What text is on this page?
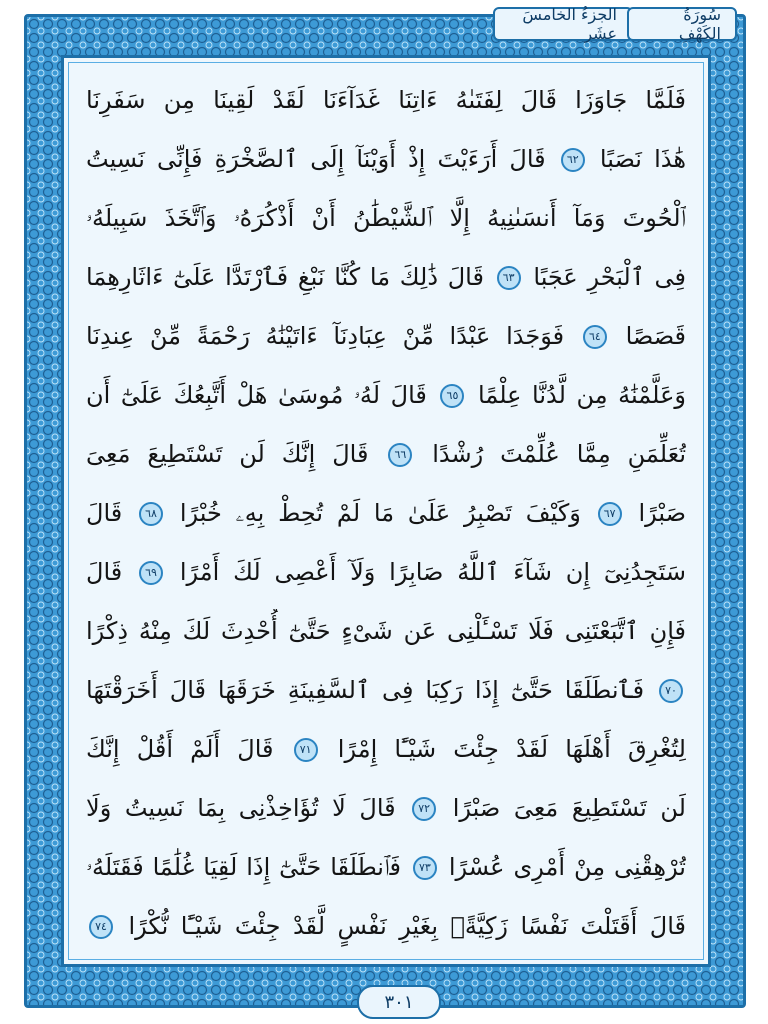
الجزءُ الخامسَ عشَر
سُورَةُ الكَهْفِ
فَلَمَّا جَاوَزَا قَالَ لِفَتَىٰهُ ءَاتِنَا غَدَآءَنَا لَقَدْ لَقِينَا مِن سَفَرِنَا
هَٰذَا نَصَبًا ٦٢ قَالَ أَرَءَيْتَ إِذْ أَوَيْنَآ إِلَى ٱلصَّخْرَةِ فَإِنِّى نَسِيتُ
ٱلْحُوتَ وَمَآ أَنسَىٰنِيهُ إِلَّا ٱلشَّيْطَٰنُ أَنْ أَذْكُرَهُۥ وَٱتَّخَذَ سَبِيلَهُۥ
فِى ٱلْبَحْرِ عَجَبًا ٦٣ قَالَ ذَٰلِكَ مَا كُنَّا نَبْغِ فَٱرْتَدَّا عَلَىٰٓ ءَاثَارِهِمَا
قَصَصًا ٦٤ فَوَجَدَا عَبْدًا مِّنْ عِبَادِنَآ ءَاتَيْنَٰهُ رَحْمَةً مِّنْ عِندِنَا
وَعَلَّمْنَٰهُ مِن لَّدُنَّا عِلْمًا ٦٥ قَالَ لَهُۥ مُوسَىٰ هَلْ أَتَّبِعُكَ عَلَىٰٓ أَن
تُعَلِّمَنِ مِمَّا عُلِّمْتَ رُشْدًا ٦٦ قَالَ إِنَّكَ لَن تَسْتَطِيعَ مَعِىَ
صَبْرًا ٦٧ وَكَيْفَ تَصْبِرُ عَلَىٰ مَا لَمْ تُحِطْ بِهِۦ خُبْرًا ٦٨ قَالَ
سَتَجِدُنِىٓ إِن شَآءَ ٱللَّهُ صَابِرًا وَلَآ أَعْصِى لَكَ أَمْرًا ٦٩ قَالَ
فَإِنِ ٱتَّبَعْتَنِى فَلَا تَسْـَٔلْنِى عَن شَىْءٍ حَتَّىٰٓ أُحْدِثَ لَكَ مِنْهُ ذِكْرًا
٧٠ فَٱنطَلَقَا حَتَّىٰٓ إِذَا رَكِبَا فِى ٱلسَّفِينَةِ خَرَقَهَا قَالَ أَخَرَقْتَهَا
لِتُغْرِقَ أَهْلَهَا لَقَدْ جِئْتَ شَيْـًٔا إِمْرًا ٧١ قَالَ أَلَمْ أَقُلْ إِنَّكَ
لَن تَسْتَطِيعَ مَعِىَ صَبْرًا ٧٢ قَالَ لَا تُؤَاخِذْنِى بِمَا نَسِيتُ وَلَا
تُرْهِقْنِى مِنْ أَمْرِى عُسْرًا ٧٣ فَٱنطَلَقَا حَتَّىٰٓ إِذَا لَقِيَا غُلَٰمًا فَقَتَلَهُۥ
قَالَ أَقَتَلْتَ نَفْسًا زَكِيَّةًۢ بِغَيْرِ نَفْسٍ لَّقَدْ جِئْتَ شَيْـًٔا نُّكْرًا ٧٤
٣٠١
